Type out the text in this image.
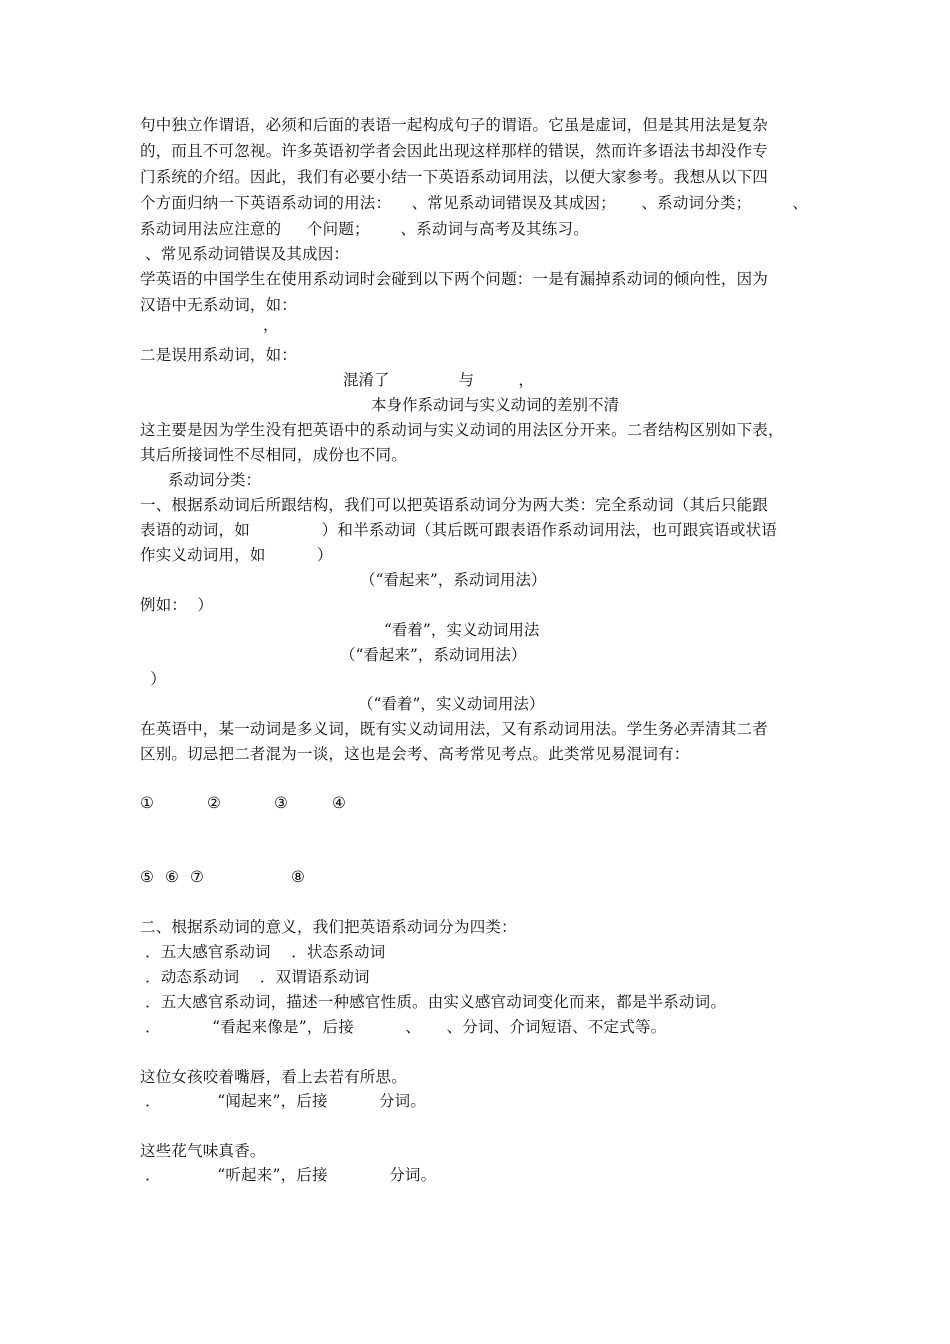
句中独立作谓语，必须和后面的表语一起构成句子的谓语。它虽是虚词，但是其用法是复杂
的，而且不可忽视。许多英语初学者会因此出现这样那样的错误，然而许多语法书却没作专
门系统的介绍。因此，我们有必要小结一下英语系动词用法，以便大家参考。我想从以下四
个方面归纳一下英语系动词的用法：    、常见系动词错误及其成因；     、系动词分类；        、
系动词用法应注意的     个问题；      、系动词与高考及其练习。
、常见系动词错误及其成因：
学英语的中国学生在使用系动词时会碰到以下两个问题：一是有漏掉系动词的倾向性，因为
汉语中无系动词，如：
，
二是误用系动词，如：
混淆了              与         ，
本身作系动词与实义动词的差别不清
这主要是因为学生没有把英语中的系动词与实义动词的用法区分开来。二者结构区别如下表，
其后所接词性不尽相同，成份也不同。
系动词分类：
一、根据系动词后所跟结构，我们可以把英语系动词分为两大类：完全系动词（其后只能跟
表语的动词，如              ）和半系动词（其后既可跟表语作系动词用法，也可跟宾语或状语
作实义动词用，如          ）
（“看起来”，系动词用法）
例如：  ）
“看着”，实义动词用法
（“看起来”，系动词用法）
）
（“看着”，实义动词用法）
在英语中，某一动词是多义词，既有实义动词用法，又有系动词用法。学生务必弄清其二者
区别。切忌把二者混为一谈，这也是会考、高考常见考点。此类常见易混词有：
①	②	③	④
⑤ ⑥ ⑦	⑧
二、根据系动词的意义，我们把英语系动词分为四类：
．五大感官系动词    ．状态系动词
．动态系动词    ．双谓语系动词
．五大感官系动词，描述一种感官性质。由实义感官动词变化而来，都是半系动词。
．          “看起来像是”，后接          、     、分词、介词短语、不定式等。
这位女孩咬着嘴唇，看上去若有所思。
．           “闻起来”，后接          分词。
这些花气味真香。
．           “听起来”，后接            分词。
